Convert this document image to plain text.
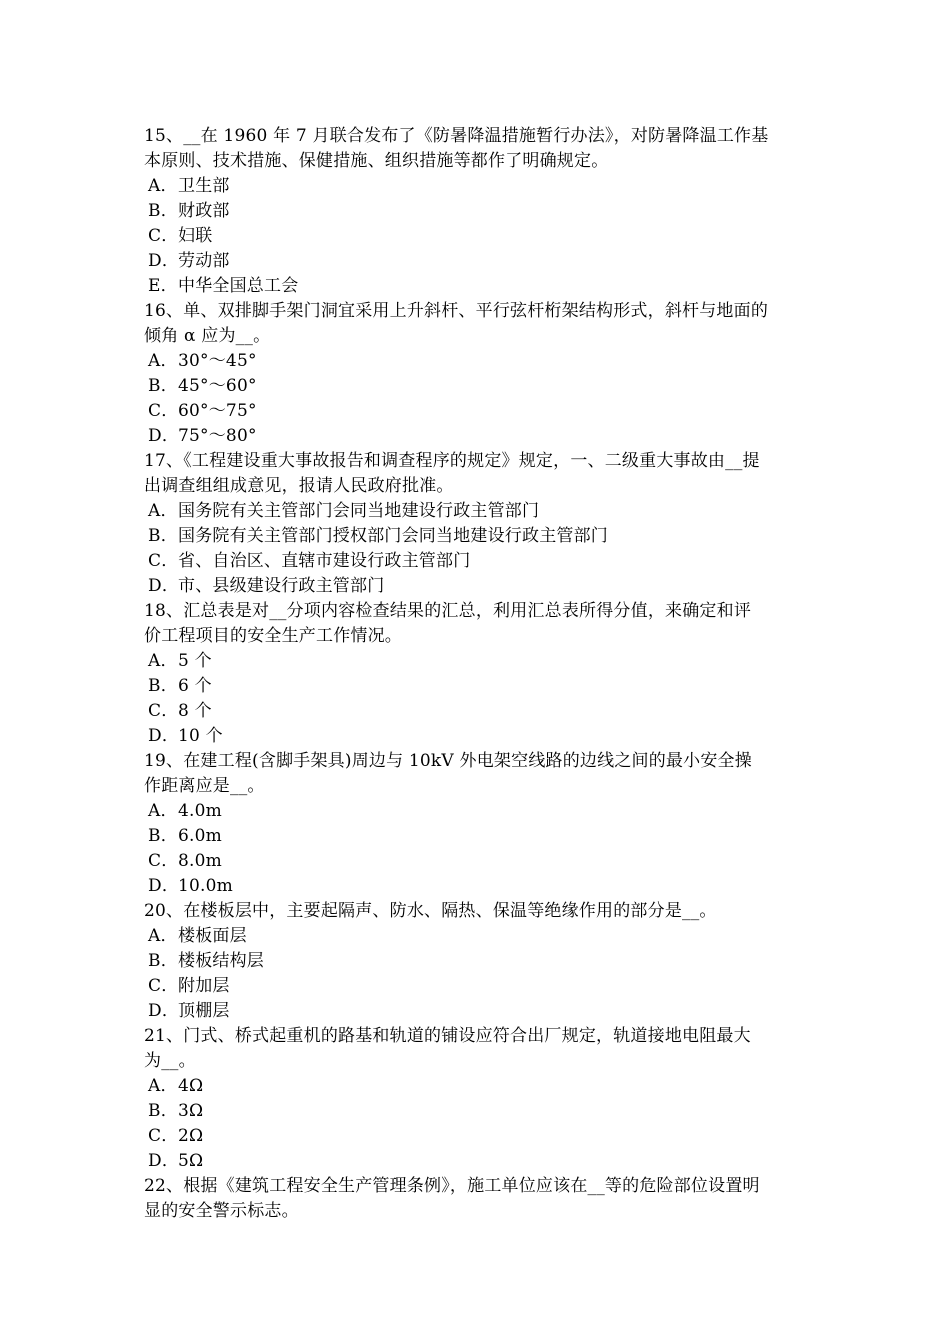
15、__在 1960 年 7 月联合发布了《防暑降温措施暂行办法》，对防暑降温工作基
本原则、技术措施、保健措施、组织措施等都作了明确规定。
A．卫生部
B．财政部
C．妇联
D．劳动部
E．中华全国总工会
16、单、双排脚手架门洞宜采用上升斜杆、平行弦杆桁架结构形式，斜杆与地面的
倾角 α 应为__。
A．30°～45°
B．45°～60°
C．60°～75°
D．75°～80°
17、《工程建设重大事故报告和调查程序的规定》规定，一、二级重大事故由__提
出调查组组成意见，报请人民政府批准。
A．国务院有关主管部门会同当地建设行政主管部门
B．国务院有关主管部门授权部门会同当地建设行政主管部门
C．省、自治区、直辖市建设行政主管部门
D．市、县级建设行政主管部门
18、汇总表是对__分项内容检查结果的汇总，利用汇总表所得分值，来确定和评
价工程项目的安全生产工作情况。
A．5 个
B．6 个
C．8 个
D．10 个
19、在建工程(含脚手架具)周边与 10kV 外电架空线路的边线之间的最小安全操
作距离应是__。
A．4.0m
B．6.0m
C．8.0m
D．10.0m
20、在楼板层中，主要起隔声、防水、隔热、保温等绝缘作用的部分是__。
A．楼板面层
B．楼板结构层
C．附加层
D．顶棚层
21、门式、桥式起重机的路基和轨道的铺设应符合出厂规定，轨道接地电阻最大
为__。
A．4Ω
B．3Ω
C．2Ω
D．5Ω
22、根据《建筑工程安全生产管理条例》，施工单位应该在__等的危险部位设置明
显的安全警示标志。
